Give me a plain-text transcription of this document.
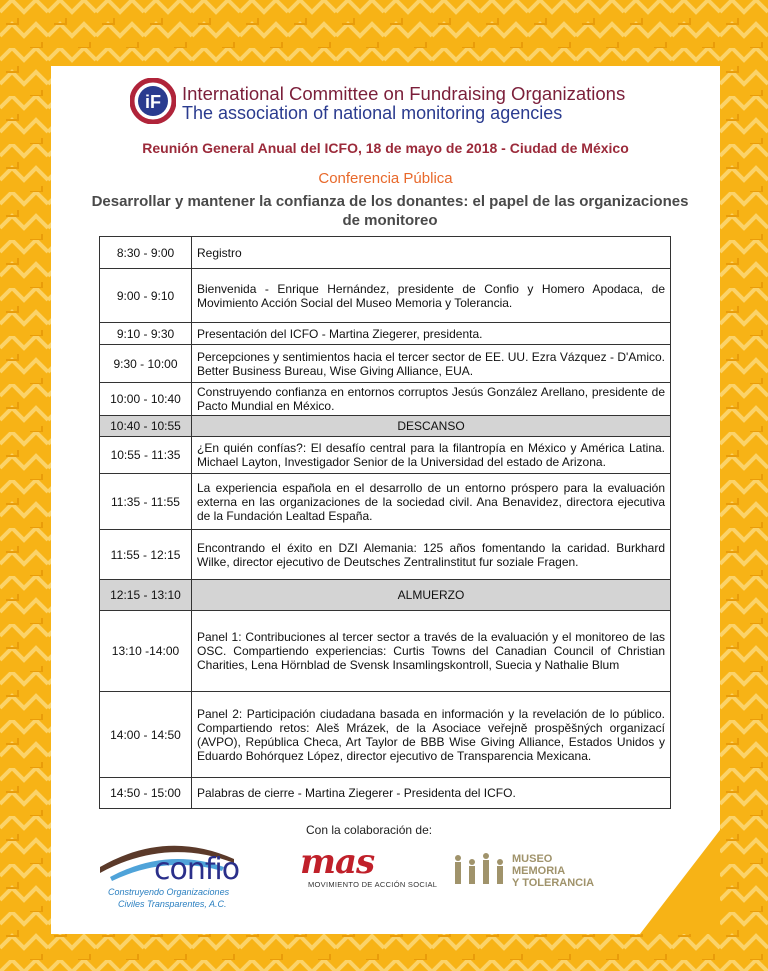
iF International Committee on Fundraising Organizations
The association of national monitoring agencies
Reunión General Anual del ICFO, 18 de mayo de 2018 - Ciudad de México
Conferencia Pública
Desarrollar y mantener la confianza de los donantes: el papel de las organizaciones
de monitoreo
8:30 - 9:00	Registro
9:00 - 9:10	Bienvenida - Enrique Hernández, presidente de Confio y Homero Apodaca, de Movimiento Acción Social del Museo Memoria y Tolerancia.
9:10 - 9:30	Presentación del ICFO - Martina Ziegerer, presidenta.
9:30 - 10:00	Percepciones y sentimientos hacia el tercer sector de EE. UU. Ezra Vázquez - D'Amico. Better Business Bureau, Wise Giving Alliance, EUA.
10:00 - 10:40	Construyendo confianza en entornos corruptos Jesús González Arellano, presidente de Pacto Mundial en México.
10:40 - 10:55	DESCANSO
10:55 - 11:35	¿En quién confías?: El desafío central para la filantropía en México y América Latina. Michael Layton, Investigador Senior de la Universidad del estado de Arizona.
11:35 - 11:55	La experiencia española en el desarrollo de un entorno próspero para la evaluación externa en las organizaciones de la sociedad civil. Ana Benavidez, directora ejecutiva de la Fundación Lealtad España.
11:55 - 12:15	Encontrando el éxito en DZI Alemania: 125 años fomentando la caridad. Burkhard Wilke, director ejecutivo de Deutsches Zentralinstitut fur soziale Fragen.
12:15 - 13:10	ALMUERZO
13:10 -14:00	Panel 1: Contribuciones al tercer sector a través de la evaluación y el monitoreo de las OSC. Compartiendo experiencias: Curtis Towns del Canadian Council of Christian Charities, Lena Hörnblad de Svensk Insamlingskontroll, Suecia y Nathalie Blum
14:00 - 14:50	Panel 2: Participación ciudadana basada en información y la revelación de lo público. Compartiendo retos: Aleš Mrázek, de la Asociace veřejně prospěšných organizací (AVPO), República Checa, Art Taylor de BBB Wise Giving Alliance, Estados Unidos y Eduardo Bohórquez López, director ejecutivo de Transparencia Mexicana.
14:50 - 15:00	Palabras de cierre - Martina Ziegerer - Presidenta del ICFO.
Con la colaboración de:
confio
Construyendo Organizaciones
Civiles Transparentes, A.C.
mas
MOVIMIENTO DE ACCIÓN SOCIAL
MUSEO
MEMORIA
Y TOLERANCIA
